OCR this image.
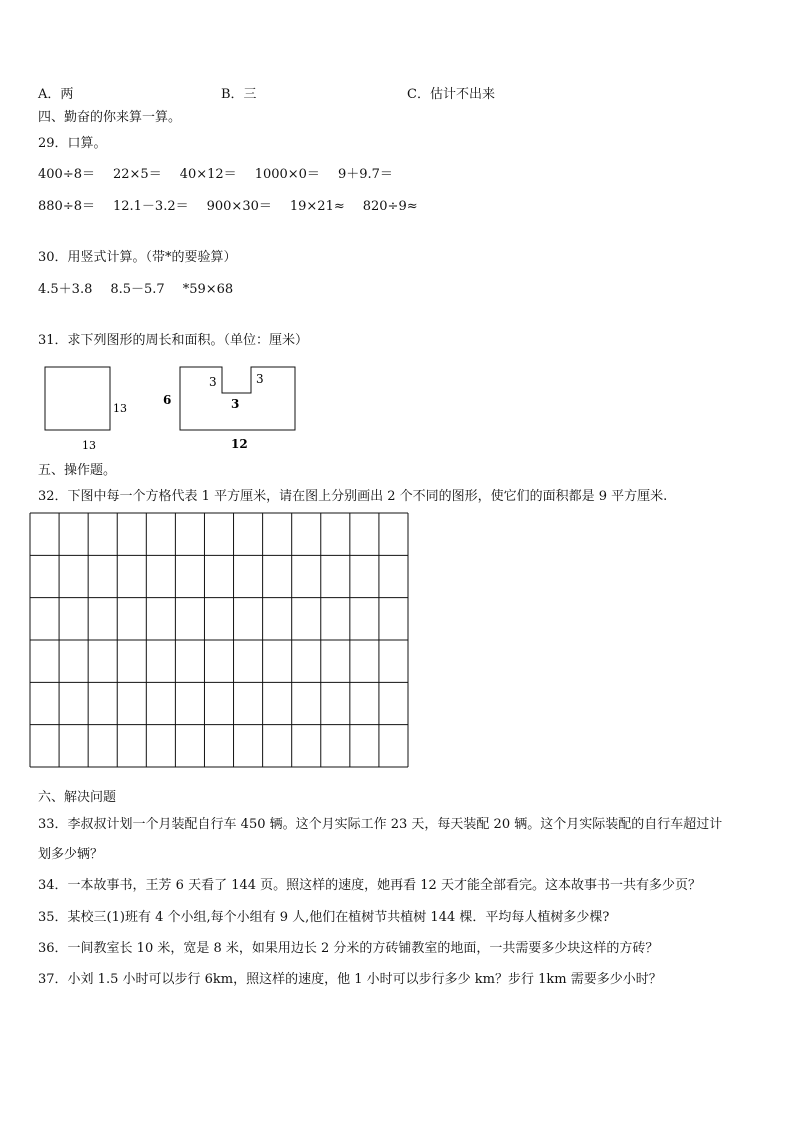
A．两	B．三	C．估计不出来
四、勤奋的你来算一算。
29．口算。
400÷8＝ 22×5＝ 40×12＝ 1000×0＝ 9＋9.7＝
880÷8＝ 12.1－3.2＝ 900×30＝ 19×21≈ 820÷9≈
30．用竖式计算。（带*的要验算）
4.5＋3.8 8.5－5.7 *59×68
31．求下列图形的周长和面积。（单位：厘米）
13
13
6
3	3
3
12
五、操作题。
32．下图中每一个方格代表 1 平方厘米，请在图上分别画出 2 个不同的图形，使它们的面积都是 9 平方厘米.
六、解决问题
33．李叔叔计划一个月装配自行车 450 辆。这个月实际工作 23 天，每天装配 20 辆。这个月实际装配的自行车超过计
划多少辆？
34．一本故事书，王芳 6 天看了 144 页。照这样的速度，她再看 12 天才能全部看完。这本故事书一共有多少页？
35．某校三(1)班有 4 个小组,每个小组有 9 人,他们在植树节共植树 144 棵．平均每人植树多少棵?
36．一间教室长 10 米，宽是 8 米，如果用边长 2 分米的方砖铺教室的地面，一共需要多少块这样的方砖？
37．小刘 1.5 小时可以步行 6km，照这样的速度，他 1 小时可以步行多少 km？步行 1km 需要多少小时？
